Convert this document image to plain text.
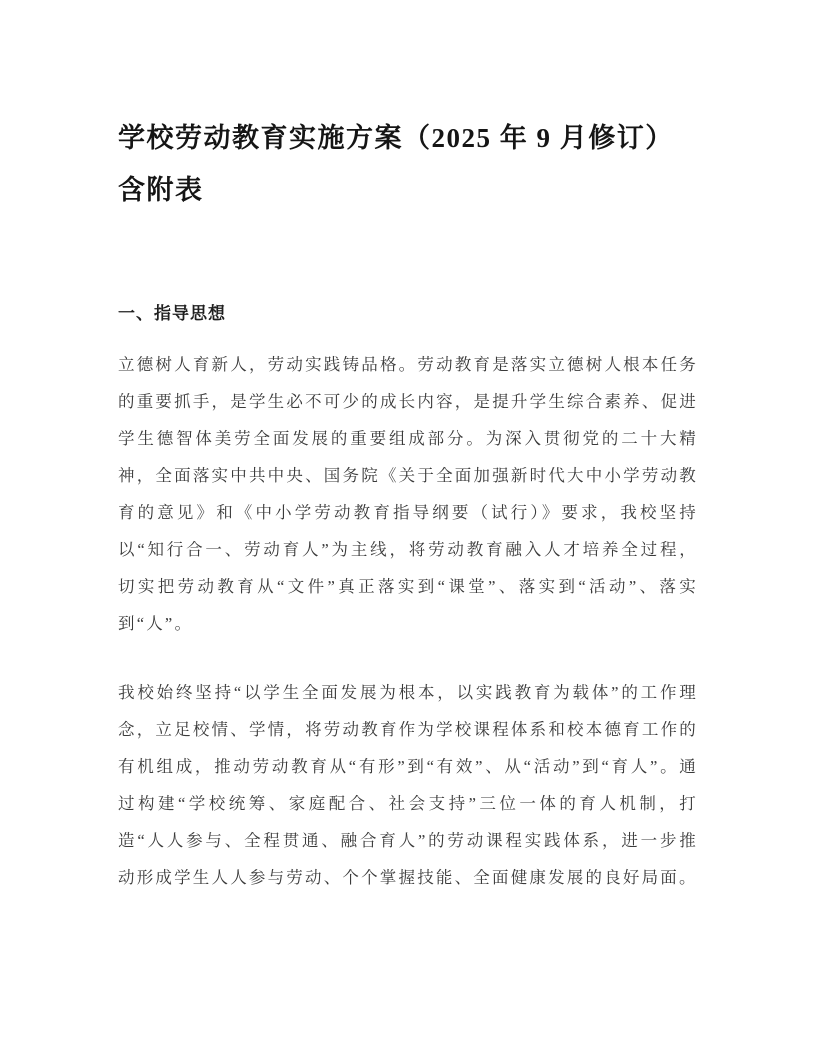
学校劳动教育实施方案（2025 年 9 月修订）
含附表
一、指导思想

立德树人育新人，劳动实践铸品格。劳动教育是落实立德树人根本任务的重要抓手，是学生必不可少的成长内容，是提升学生综合素养、促进学生德智体美劳全面发展的重要组成部分。为深入贯彻党的二十大精神，全面落实中共中央、国务院《关于全面加强新时代大中小学劳动教育的意见》和《中小学劳动教育指导纲要（试行）》要求，我校坚持以“知行合一、劳动育人”为主线，将劳动教育融入人才培养全过程，切实把劳动教育从“文件”真正落实到“课堂”、落实到“活动”、落实到“人”。

我校始终坚持“以学生全面发展为根本，以实践教育为载体”的工作理念，立足校情、学情，将劳动教育作为学校课程体系和校本德育工作的有机组成，推动劳动教育从“有形”到“有效”、从“活动”到“育人”。通过构建“学校统筹、家庭配合、社会支持”三位一体的育人机制，打造“人人参与、全程贯通、融合育人”的劳动课程实践体系，进一步推动形成学生人人参与劳动、个个掌握技能、全面健康发展的良好局面。
